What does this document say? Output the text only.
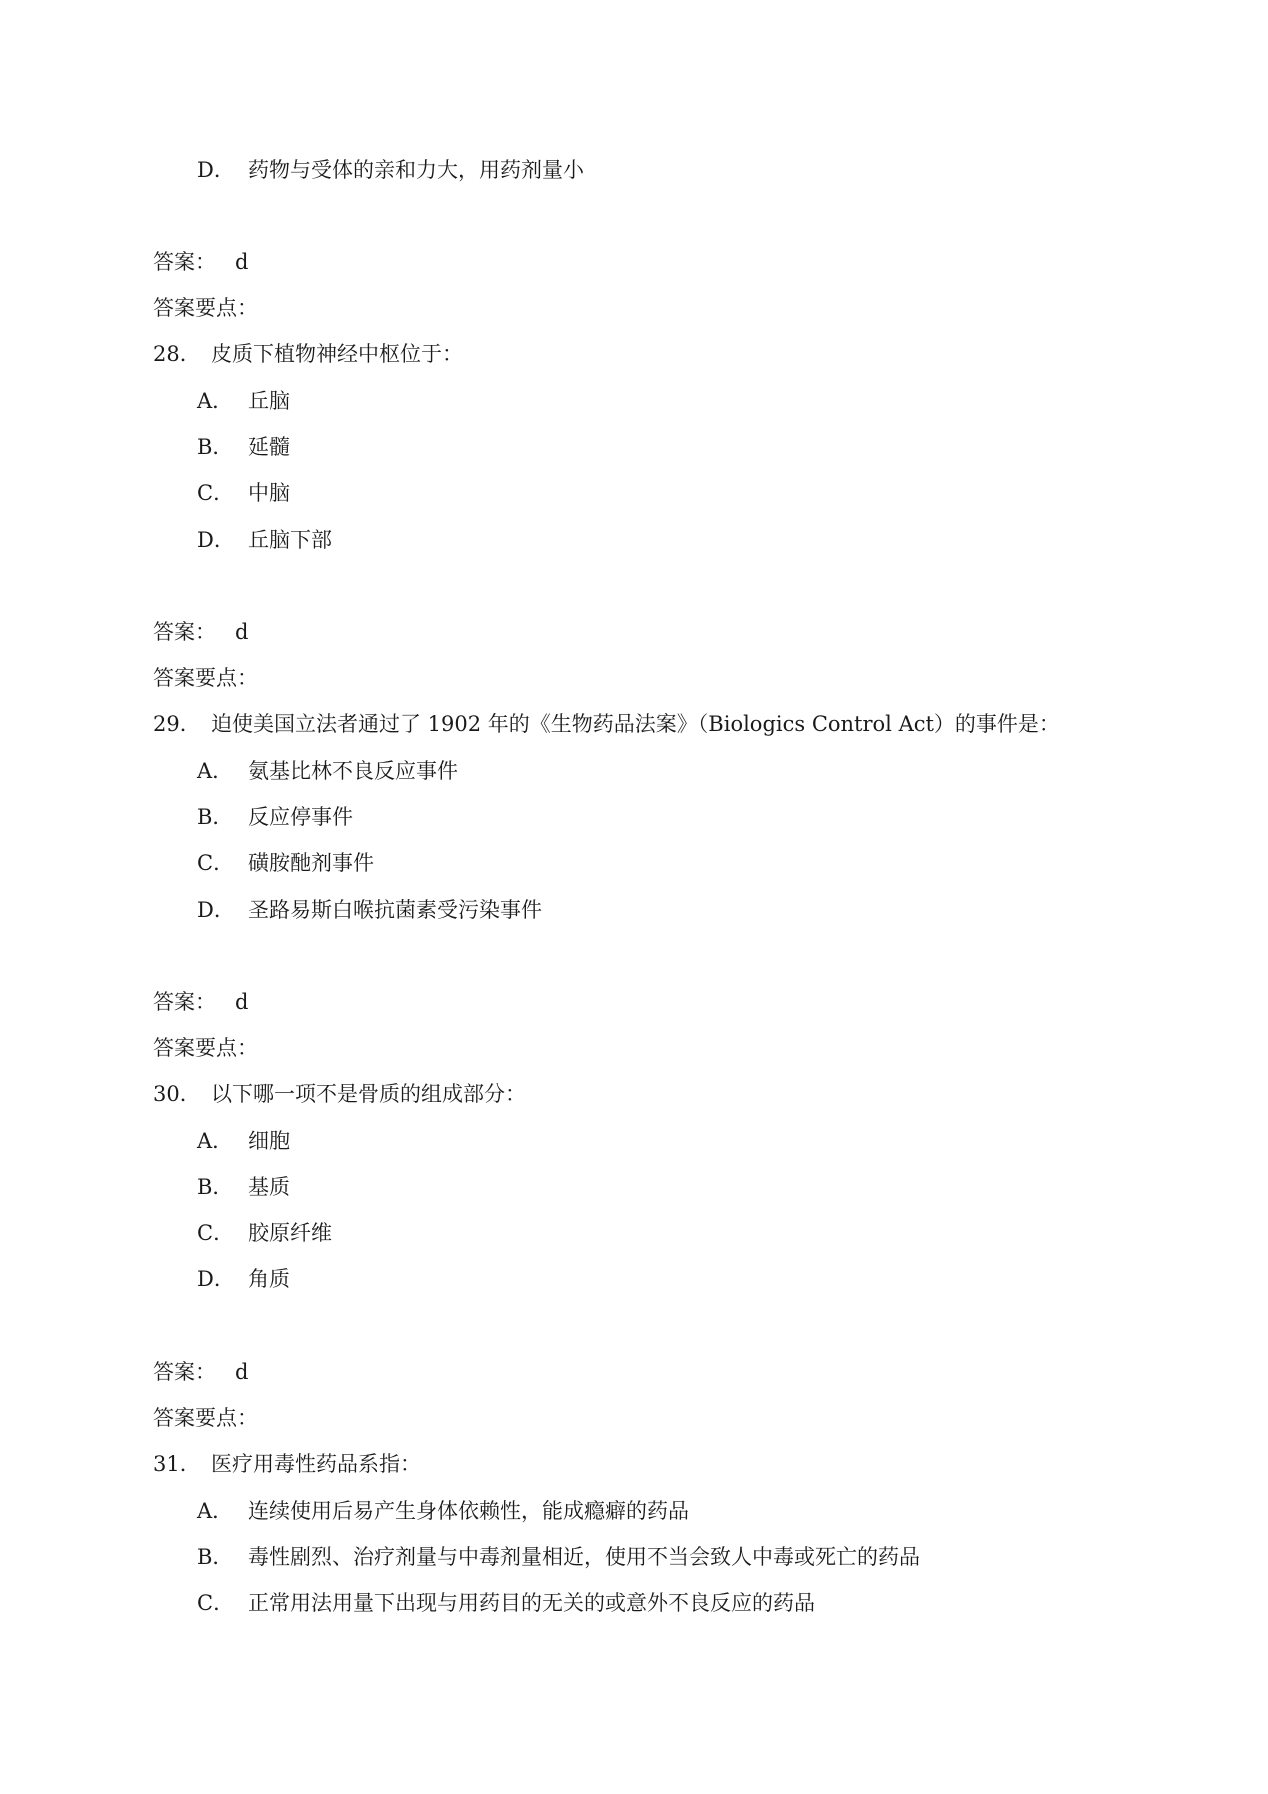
D． 药物与受体的亲和力大，用药剂量小
答案： d
答案要点：
28． 皮质下植物神经中枢位于：
A． 丘脑
B． 延髓
C． 中脑
D． 丘脑下部
答案： d
答案要点：
29． 迫使美国立法者通过了 1902 年的《生物药品法案》（Biologics Control Act）的事件是：
A． 氨基比林不良反应事件
B． 反应停事件
C． 磺胺酏剂事件
D． 圣路易斯白喉抗菌素受污染事件
答案： d
答案要点：
30． 以下哪一项不是骨质的组成部分：
A． 细胞
B． 基质
C． 胶原纤维
D． 角质
答案： d
答案要点：
31． 医疗用毒性药品系指：
A． 连续使用后易产生身体依赖性，能成瘾癖的药品
B． 毒性剧烈、治疗剂量与中毒剂量相近，使用不当会致人中毒或死亡的药品
C． 正常用法用量下出现与用药目的无关的或意外不良反应的药品
